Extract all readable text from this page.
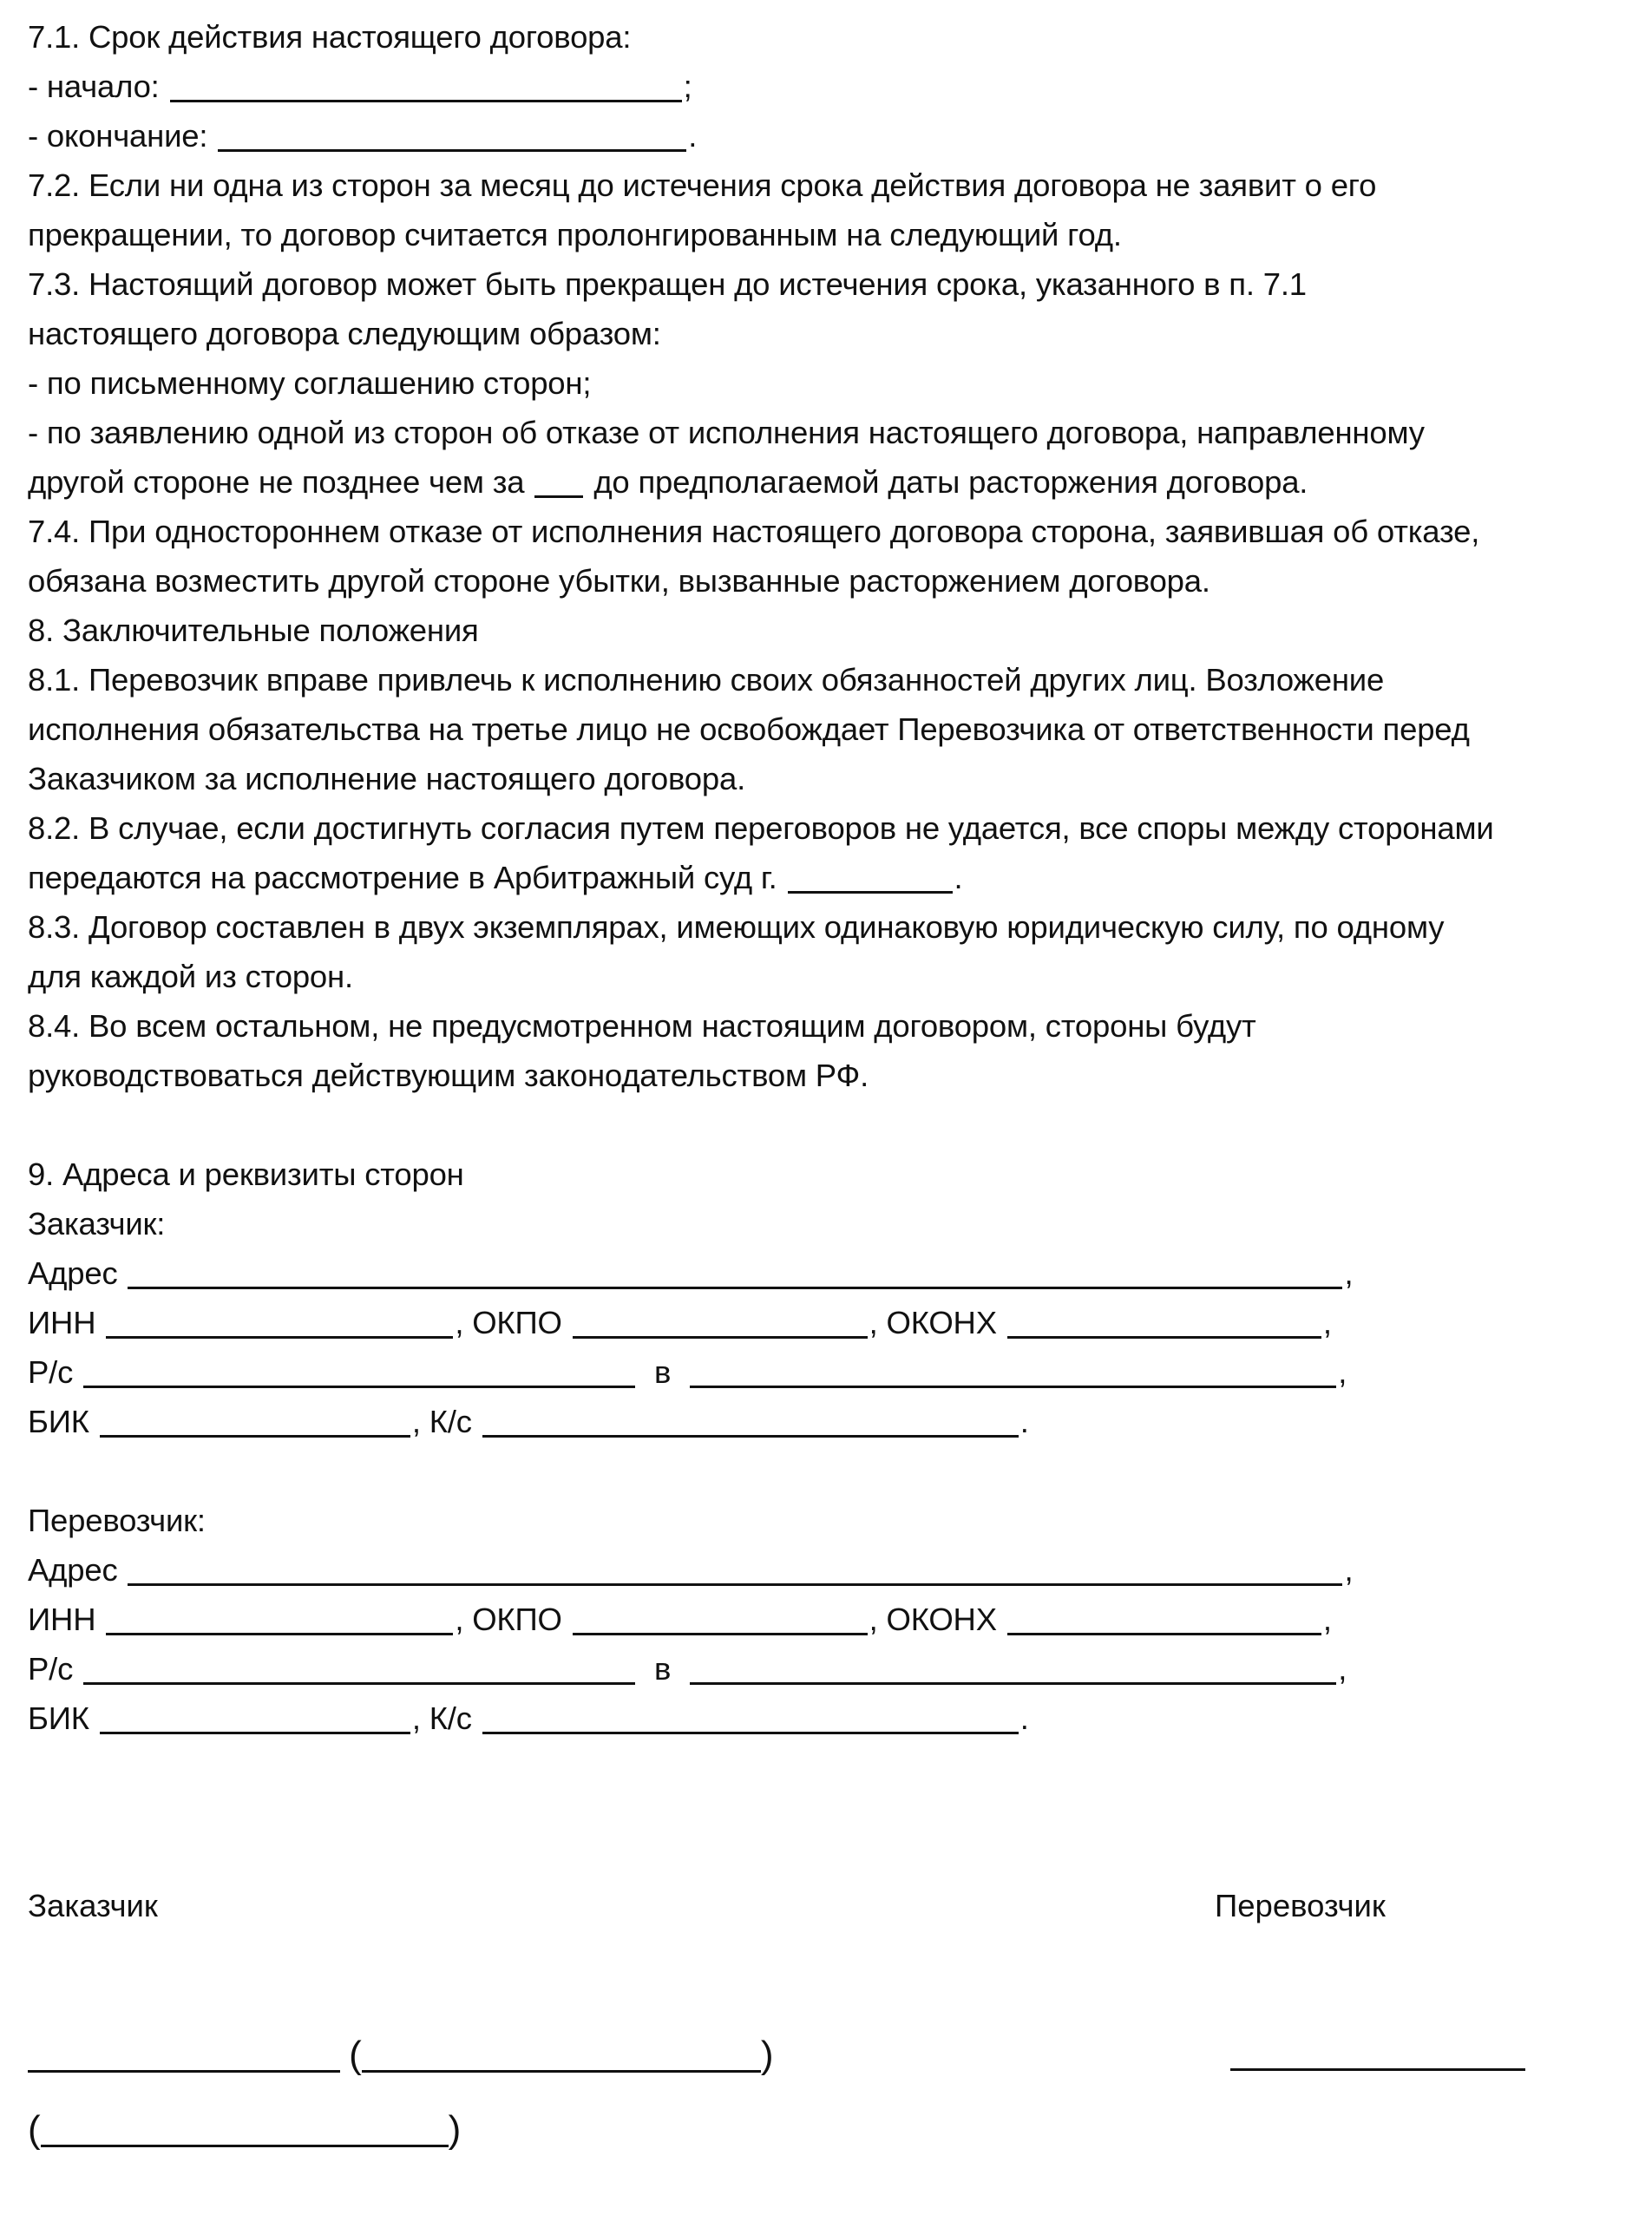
7.1. Срок действия настоящего договора:
- начало:	;
- окончание:	.
7.2. Если ни одна из сторон за месяц до истечения срока действия договора не заявит о его
прекращении, то договор считается пролонгированным на следующий год.
7.3. Настоящий договор может быть прекращен до истечения срока, указанного в п. 7.1
настоящего договора следующим образом:
- по письменному соглашению сторон;
- по заявлению одной из сторон об отказе от исполнения настоящего договора, направленному
другой стороне не позднее чем за до предполагаемой даты расторжения договора.
7.4. При одностороннем отказе от исполнения настоящего договора сторона, заявившая об отказе,
обязана возместить другой стороне убытки, вызванные расторжением договора.
8. Заключительные положения
8.1. Перевозчик вправе привлечь к исполнению своих обязанностей других лиц. Возложение
исполнения обязательства на третье лицо не освобождает Перевозчика от ответственности перед
Заказчиком за исполнение настоящего договора.
8.2. В случае, если достигнуть согласия путем переговоров не удается, все споры между сторонами
передаются на рассмотрение в Арбитражный суд г.	.
8.3. Договор составлен в двух экземплярах, имеющих одинаковую юридическую силу, по одному
для каждой из сторон.
8.4. Во всем остальном, не предусмотренном настоящим договором, стороны будут
руководствоваться действующим законодательством РФ.
9. Адреса и реквизиты сторон
Заказчик:
Адрес	,
ИНН	, ОКПО	, ОКОНХ	,
Р/с	в	,
БИК	, К/с	.
Перевозчик:
Адрес	,
ИНН	, ОКПО	, ОКОНХ	,
Р/с	в	,
БИК	, К/с	.
Заказчик	Перевозчик
(	)
(	)
